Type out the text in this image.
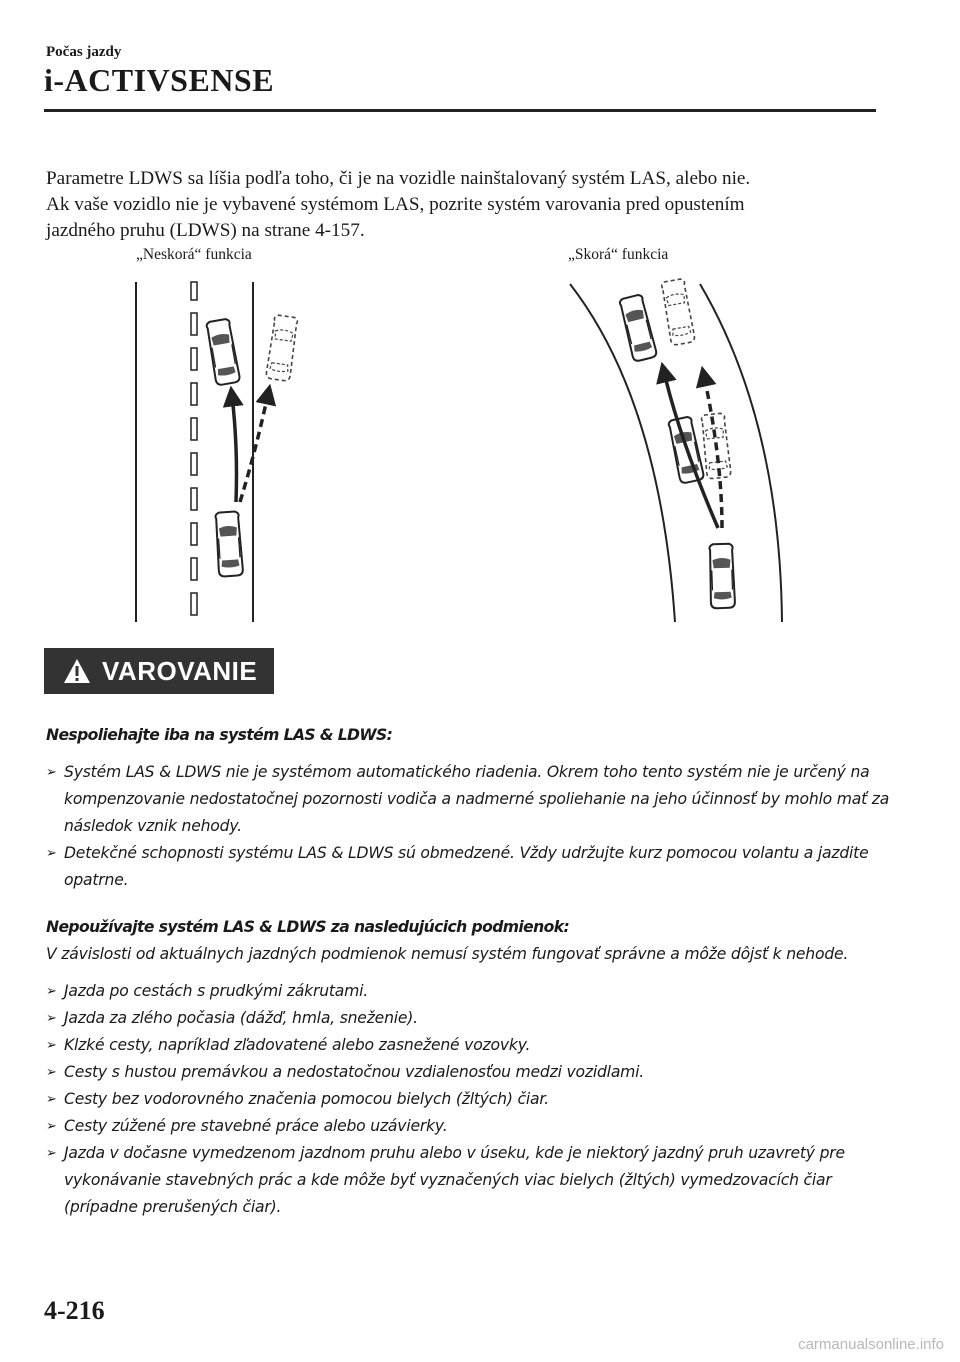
Počas jazdy
i-ACTIVSENSE

Parametre LDWS sa líšia podľa toho, či je na vozidle nainštalovaný systém LAS, alebo nie.

Ak vaše vozidlo nie je vybavené systémom LAS, pozrite systém varovania pred opustením

jazdného pruhu (LDWS) na strane 4-157.

„Neskorá“ funkcia	„Skorá“ funkcia
VAROVANIE

Nespoliehajte iba na systém LAS & LDWS:

➢ Systém LAS & LDWS nie je systémom automatického riadenia. Okrem toho tento systém nie je určený na kompenzovanie nedostatočnej pozornosti vodiča a nadmerné spoliehanie na jeho účinnosť by mohlo mať za následok vznik nehody.
➢ Detekčné schopnosti systému LAS & LDWS sú obmedzené. Vždy udržujte kurz pomocou volantu a jazdite opatrne.

Nepoužívajte systém LAS & LDWS za nasledujúcich podmienok:

V závislosti od aktuálnych jazdných podmienok nemusí systém fungovať správne a môže dôjsť k nehode.

➢ Jazda po cestách s prudkými zákrutami.
➢ Jazda za zlého počasia (dážď, hmla, sneženie).
➢ Klzké cesty, napríklad zľadovatené alebo zasnežené vozovky.
➢ Cesty s hustou premávkou a nedostatočnou vzdialenosťou medzi vozidlami.
➢ Cesty bez vodorovného značenia pomocou bielych (žltých) čiar.
➢ Cesty zúžené pre stavebné práce alebo uzávierky.
➢ Jazda v dočasne vymedzenom jazdnom pruhu alebo v úseku, kde je niektorý jazdný pruh uzavretý pre vykonávanie stavebných prác a kde môže byť vyznačených viac bielych (žltých) vymedzovacích čiar (prípadne prerušených čiar).
4-216
carmanualsonline.info
